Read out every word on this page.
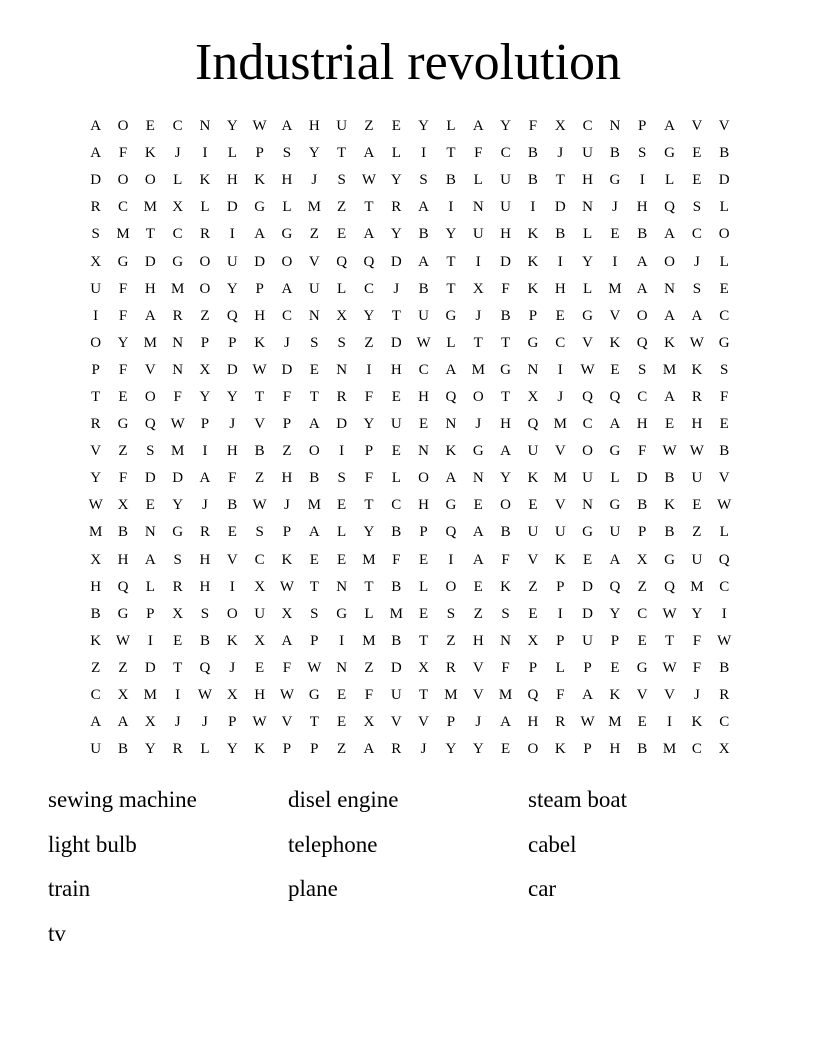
Industrial revolution
A	O	E	C	N	Y W A	H	U	Z	E	Y	L	A	Y	F	X	C	N	P	A	V	V
A	F	K	J	I	L	P	S	Y	T	A	L	I	T	F	C	B	J	U	B	S	G	E	B
D	O	O	L	K	H	K	H	J	S	W Y	S	B	L	U	B	T	H	G	I	L	E	D
R	C	M	X	L	D	G	L	M	Z	T	R	A	I	N	U	I	D	N	J	H	Q	S	L
S	M	T	C	R	I	A	G	Z	E	A	Y	B	Y	U	H	K	B	L	E	B	A	C	O
X	G	D	G	O	U	D	O	V	Q	Q	D	A	T	I	D	K	I	Y	I	A	O	J	L
U	F	H	M	O	Y	P	A	U	L	C	J	B	T	X	F	K	H	L	M	A	N	S	E
I	F	A	R	Z	Q	H	C	N	X	Y	T	U	G	J	B	P	E	G	V	O	A	A	C
O	Y	M	N	P	P	K	J	S	S	Z	D W	L	T	T	G	C	V	K	Q	K W G
P	F	V	N	X	D W D	E	N	I	H	C	A	M	G	N	I	W	E	S	M	K	S
T	E	O	F	Y	Y	T	F	T	R	F	E	H	Q	O	T	X	J	Q	Q	C	A	R	F
R	G	Q W	P	J	V	P	A	D	Y	U	E	N	J	H	Q	M	C	A	H	E	H	E
V	Z	S	M	I	H	B	Z	O	I	P	E	N	K	G	A	U	V	O	G	F	W W	B
Y	F	D	D	A	F	Z	H	B	S	F	L	O	A	N	Y	K	M	U	L	D	B	U	V
W X	E	Y	J	B	W	J	M	E	T	C	H	G	E	O	E	V	N	G	B	K	E	W
M	B	N	G	R	E	S	P	A	L	Y	B	P	Q	A	B	U	U	G	U	P	B	Z	L
X	H	A	S	H	V	C	K	E	E	M	F	E	I	A	F	V	K	E	A	X	G	U	Q
H	Q	L	R	H	I	X W	T	N	T	B	L	O	E	K	Z	P	D	Q	Z	Q	M	C
B	G	P	X	S	O	U	X	S	G	L	M	E	S	Z	S	E	I	D	Y	C	W Y	I
K W	I	E	B	K	X	A	P	I	M	B	T	Z	H	N	X	P	U	P	E	T	F	W
Z	Z	D	T	Q	J	E	F	W N	Z	D	X	R	V	F	P	L	P	E	G W	F	B
C	X	M	I	W X	H W G	E	F	U	T	M	V	M	Q	F	A	K	V	V	J	R
A	A	X	J	J	P	W V	T	E	X	V	V	P	J	A	H	R	W M	E	I	K	C
U	B	Y	R	L	Y	K	P	P	Z	A	R	J	Y	Y	E	O	K	P	H	B	M	C	X
sewing machine	disel engine	steam boat
light bulb	telephone	cabel
train	plane	car
tv
